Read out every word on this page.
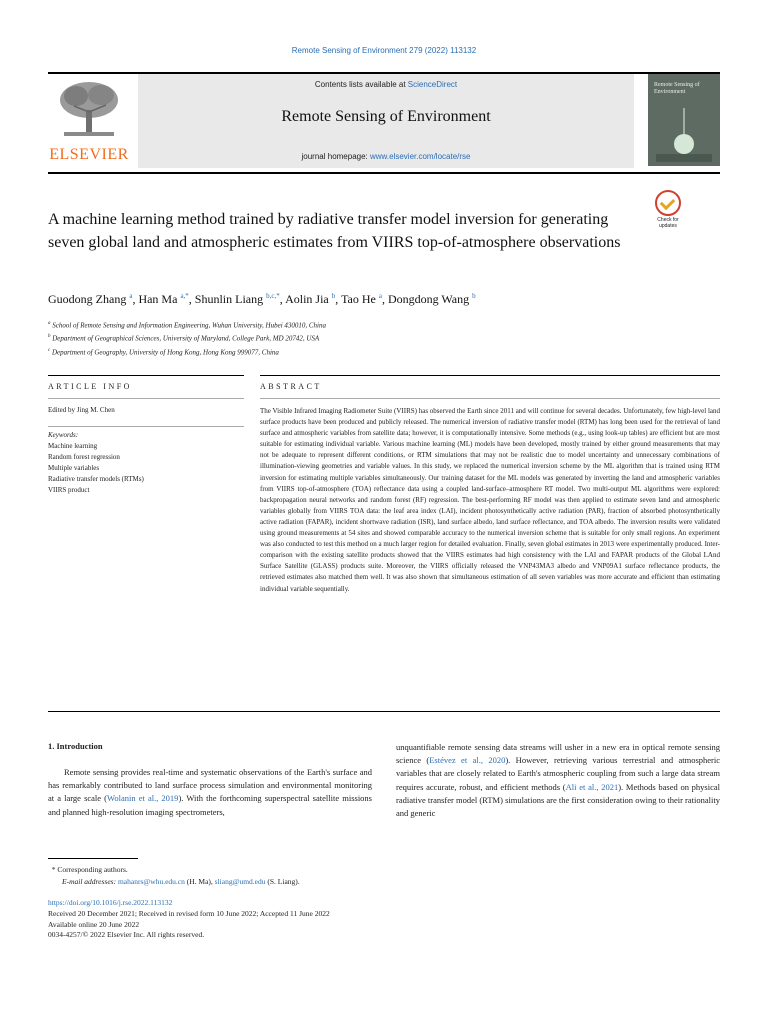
Remote Sensing of Environment 279 (2022) 113132
ELSEVIER
Contents lists available at ScienceDirect
Remote Sensing of Environment
journal homepage: www.elsevier.com/locate/rse
Remote Sensing of Environment
Check for updates
A machine learning method trained by radiative transfer model inversion for generating seven global land and atmospheric estimates from VIIRS top-of-atmosphere observations
Guodong Zhang $^a$, Han Ma $^{a,*}$, Shunlin Liang $^{b,c,*}$, Aolin Jia $^b$, Tao He $^a$, Dongdong Wang $^b$
$^a$ School of Remote Sensing and Information Engineering, Wuhan University, Hubei 430010, China
$^b$ Department of Geographical Sciences, University of Maryland, College Park, MD 20742, USA
$^c$ Department of Geography, University of Hong Kong, Hong Kong 999077, China
ARTICLE INFO	ABSTRACT
Edited by Jing M. Chen
Keywords:
Machine learning
Random forest regression
Multiple variables
Radiative transfer models (RTMs)
VIIRS product
The Visible Infrared Imaging Radiometer Suite (VIIRS) has observed the Earth since 2011 and will continue for several decades. Unfortunately, few high-level land surface products have been produced and publicly released. The numerical inversion of radiative transfer model (RTM) has long been used for the retrieval of land surface and atmospheric variables from satellite data; however, it is computationally intensive. Some methods (e.g., using look-up tables) are efficient but are most suitable for estimating individual variable. Various machine learning (ML) models have been developed, mostly trained by either ground measurements that may not be adequate to represent different conditions, or RTM simulations that may not be realistic due to model uncertainty and unnecessary combinations of illumination-viewing geometries and variable values. In this study, we replaced the numerical inversion scheme by the ML algorithm that is trained using RTM inversion for estimating multiple variables simultaneously. Our training dataset for the ML models was generated by inverting the land and atmospheric variables from VIIRS top-of-atmosphere (TOA) reflectance data using a coupled land-surface–atmosphere RT model. Two multi-output ML algorithms were explored: backpropagation neural networks and random forest (RF) regression. The best-performing RF model was then applied to estimate seven land and atmospheric variables globally from VIIRS TOA data: the leaf area index (LAI), incident photosynthetically active radiation (PAR), fraction of absorbed photosynthetically active radiation (FAPAR), incident shortwave radiation (ISR), land surface albedo, land surface reflectance, and TOA albedo. The inversion results were validated using ground measurements at 54 sites and showed comparable accuracy to the numerical inversion scheme that is suitable for only small regions. An experiment was also conducted to test this method on a much larger region for detailed evaluation. Finally, seven global estimates in 2013 were experimentally produced. Inter-comparison with the existing satellite products showed that the VIIRS estimates had high consistency with the LAI and FAPAR products of the Global LAnd Surface Satellite (GLASS) products suite. Moreover, the VIIRS officially released the VNP43MA3 albedo and VNP09A1 surface reflectance products, the retrieved estimates also matched them well. It was also shown that simultaneous estimation of all seven variables was more accurate and efficient than estimating individual variable sequentially.
1. Introduction
Remote sensing provides real-time and systematic observations of the Earth's surface and has remarkably contributed to land surface process simulation and environmental monitoring at a large scale (Wolanin et al., 2019). With the forthcoming superspectral satellite missions and planned high-resolution imaging spectrometers,
unquantifiable remote sensing data streams will usher in a new era in optical remote sensing science (Estévez et al., 2020). However, retrieving various terrestrial and atmospheric variables that are closely related to Earth's atmospheric coupling from such a large data stream requires accurate, robust, and efficient methods (Ali et al., 2021). Methods based on physical radiative transfer model (RTM) simulations are the first consideration owing to their rationality and generic
* Corresponding authors.
E-mail addresses: mahanrs@whu.edu.cn (H. Ma), sliang@umd.edu (S. Liang).
https://doi.org/10.1016/j.rse.2022.113132
Received 20 December 2021; Received in revised form 10 June 2022; Accepted 11 June 2022
Available online 20 June 2022
0034-4257/© 2022 Elsevier Inc. All rights reserved.
